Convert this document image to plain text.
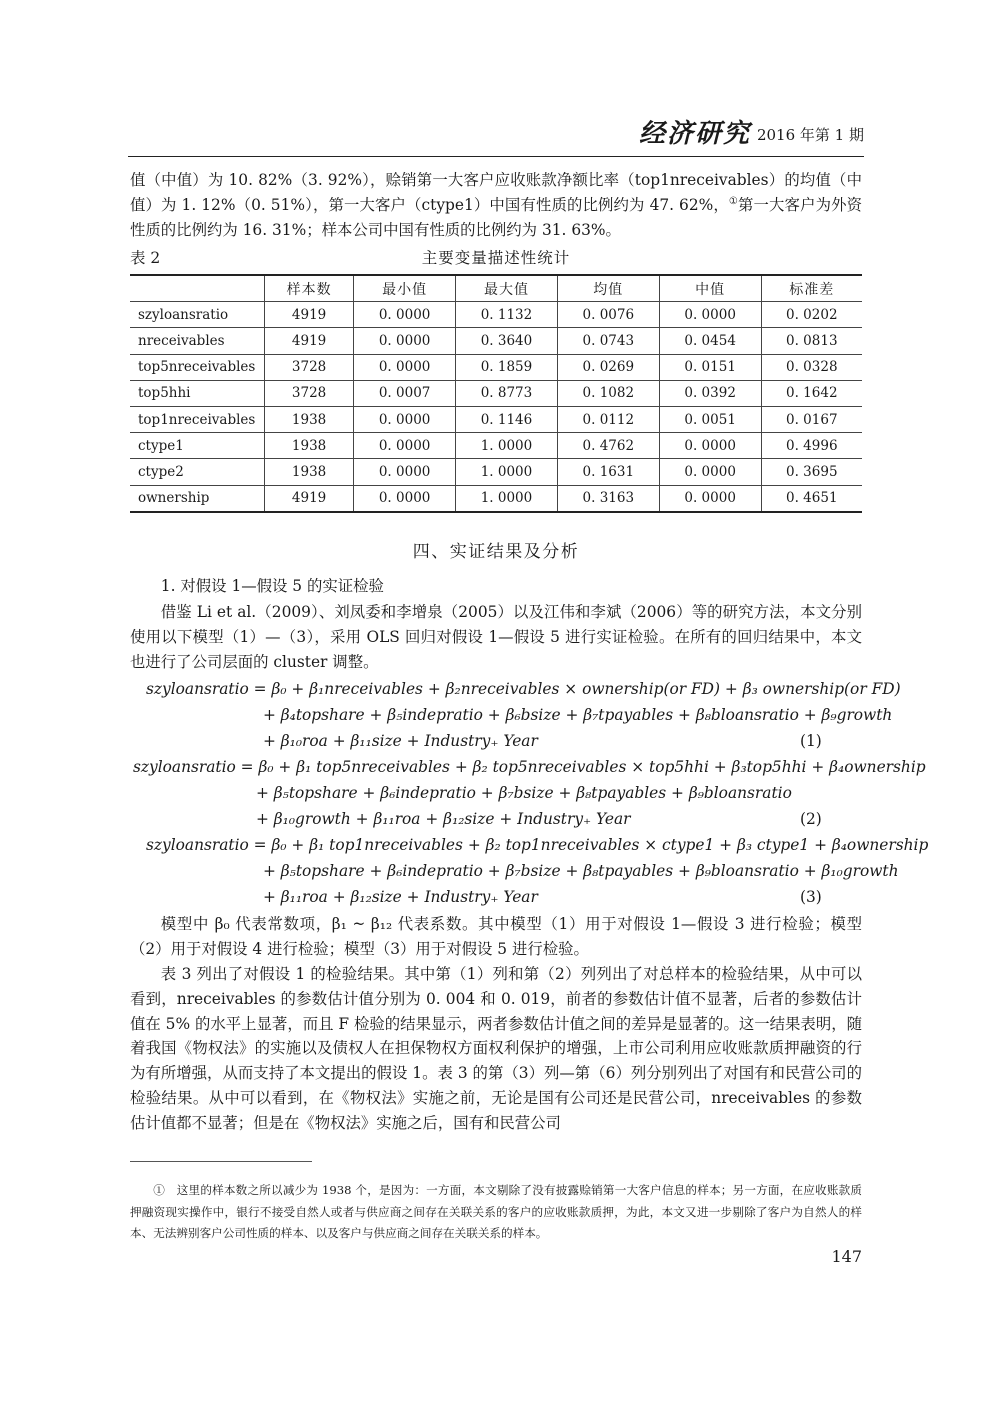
经济研究 2016 年第 1 期
值（中值）为 10. 82%（3. 92%），赊销第一大客户应收账款净额比率（top1nreceivables）的均值（中值）为 1. 12%（0. 51%），第一大客户（ctype1）中国有性质的比例约为 47. 62%，①第一大客户为外资性质的比例约为 16. 31%；样本公司中国有性质的比例约为 31. 63%。
表 2	主要变量描述性统计
	样本数	最小值	最大值	均值	中值	标准差
szyloansratio	4919	0. 0000	0. 1132	0. 0076	0. 0000	0. 0202
nreceivables	4919	0. 0000	0. 3640	0. 0743	0. 0454	0. 0813
top5nreceivables	3728	0. 0000	0. 1859	0. 0269	0. 0151	0. 0328
top5hhi	3728	0. 0007	0. 8773	0. 1082	0. 0392	0. 1642
top1nreceivables	1938	0. 0000	0. 1146	0. 0112	0. 0051	0. 0167
ctype1	1938	0. 0000	1. 0000	0. 4762	0. 0000	0. 4996
ctype2	1938	0. 0000	1. 0000	0. 1631	0. 0000	0. 3695
ownership	4919	0. 0000	1. 0000	0. 3163	0. 0000	0. 4651
四、实证结果及分析
1. 对假设 1—假设 5 的实证检验
借鉴 Li et al.（2009）、刘凤委和李增泉（2005）以及江伟和李斌（2006）等的研究方法，本文分别使用以下模型（1）—（3），采用 OLS 回归对假设 1—假设 5 进行实证检验。在所有的回归结果中，本文也进行了公司层面的 cluster 调整。
szyloansratio = β₀ + β₁nreceivables + β₂nreceivables × ownership(or FD) + β₃ ownership(or FD)
+ β₄topshare + β₅indepratio + β₆bsize + β₇tpayables + β₈bloansratio + β₉growth
+ β₁₀roa + β₁₁size + Industry₊ Year	(1)
szyloansratio = β₀ + β₁ top5nreceivables + β₂ top5nreceivables × top5hhi + β₃top5hhi + β₄ownership
+ β₅topshare + β₆indepratio + β₇bsize + β₈tpayables + β₉bloansratio
+ β₁₀growth + β₁₁roa + β₁₂size + Industry₊ Year	(2)
szyloansratio = β₀ + β₁ top1nreceivables + β₂ top1nreceivables × ctype1 + β₃ ctype1 + β₄ownership
+ β₅topshare + β₆indepratio + β₇bsize + β₈tpayables + β₉bloansratio + β₁₀growth
+ β₁₁roa + β₁₂size + Industry₊ Year	(3)
模型中 β₀ 代表常数项，β₁ ~ β₁₂ 代表系数。其中模型（1）用于对假设 1—假设 3 进行检验；模型（2）用于对假设 4 进行检验；模型（3）用于对假设 5 进行检验。
表 3 列出了对假设 1 的检验结果。其中第（1）列和第（2）列列出了对总样本的检验结果，从中可以看到，nreceivables 的参数估计值分别为 0. 004 和 0. 019，前者的参数估计值不显著，后者的参数估计值在 5% 的水平上显著，而且 F 检验的结果显示，两者参数估计值之间的差异是显著的。这一结果表明，随着我国《物权法》的实施以及债权人在担保物权方面权利保护的增强，上市公司利用应收账款质押融资的行为有所增强，从而支持了本文提出的假设 1。表 3 的第（3）列—第（6）列分别列出了对国有和民营公司的检验结果。从中可以看到，在《物权法》实施之前，无论是国有公司还是民营公司，nreceivables 的参数估计值都不显著；但是在《物权法》实施之后，国有和民营公司
①　这里的样本数之所以减少为 1938 个，是因为：一方面，本文剔除了没有披露赊销第一大客户信息的样本；另一方面，在应收账款质押融资现实操作中，银行不接受自然人或者与供应商之间存在关联关系的客户的应收账款质押，为此，本文又进一步剔除了客户为自然人的样本、无法辨别客户公司性质的样本、以及客户与供应商之间存在关联关系的样本。
147
